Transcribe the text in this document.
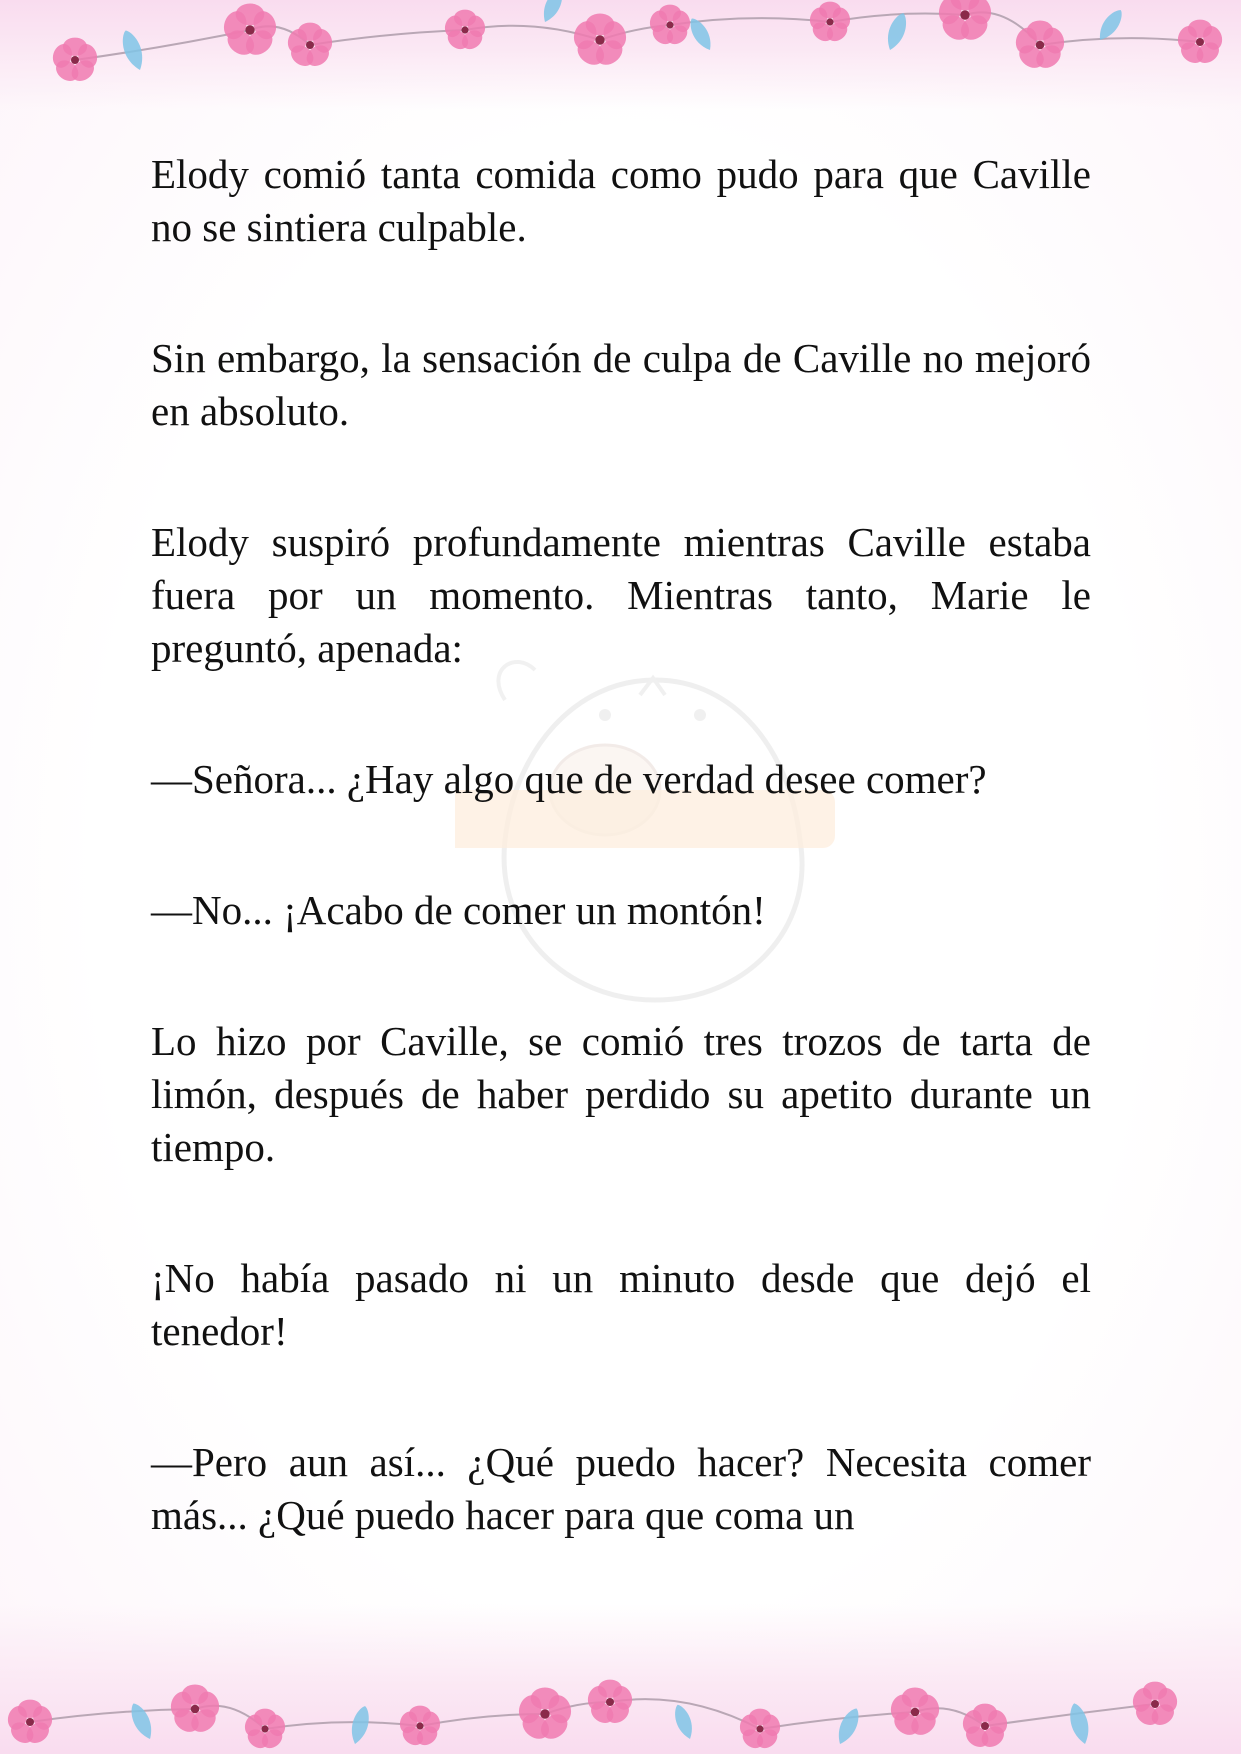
Elody comió tanta comida como pudo para que Caville no se sintiera culpable.

Sin embargo, la sensación de culpa de Caville no mejoró en absoluto.

Elody suspiró profundamente mientras Caville estaba fuera por un momento. Mientras tanto, Marie le preguntó, apenada:

—Señora... ¿Hay algo que de verdad desee comer?

—No... ¡Acabo de comer un montón!

Lo hizo por Caville, se comió tres trozos de tarta de limón, después de haber perdido su apetito durante un tiempo.

¡No había pasado ni un minuto desde que dejó el tenedor!

—Pero aun así... ¿Qué puedo hacer? Necesita comer más... ¿Qué puedo hacer para que coma un
